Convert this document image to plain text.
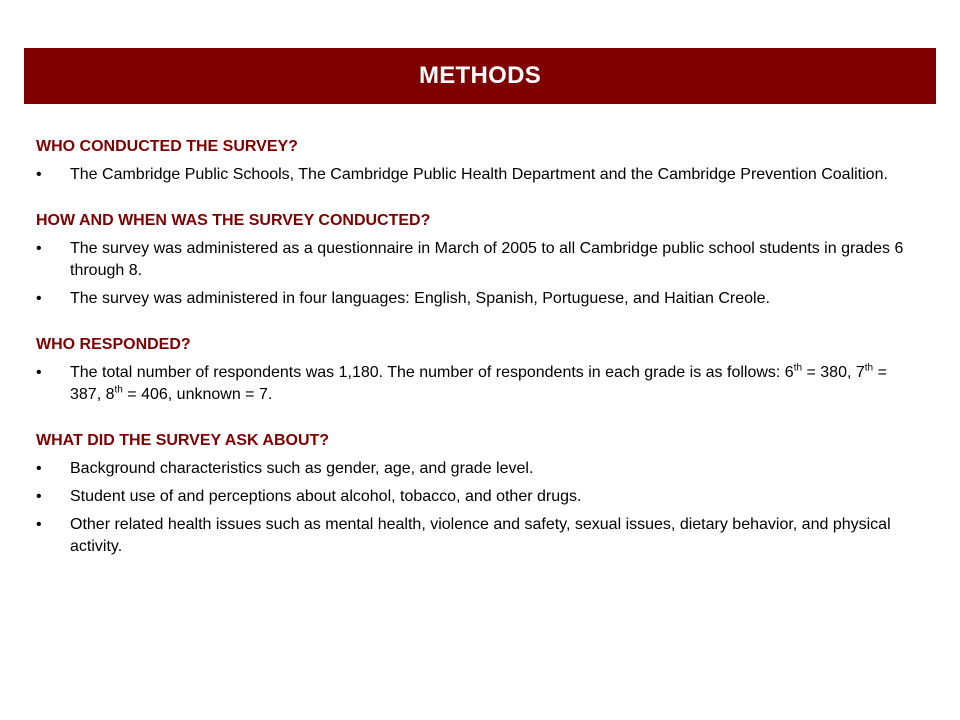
METHODS
WHO CONDUCTED THE SURVEY?
•	The Cambridge Public Schools, The Cambridge Public Health Department and the Cambridge Prevention Coalition.
HOW AND WHEN WAS THE SURVEY CONDUCTED?
•	The survey was administered as a questionnaire in March of 2005 to all Cambridge public school students in grades 6 through 8.
•	The survey was administered in four languages: English, Spanish, Portuguese, and Haitian Creole.
WHO RESPONDED?
•	The total number of respondents was 1,180. The number of respondents in each grade is as follows: 6th = 380, 7th = 387, 8th = 406, unknown = 7.
WHAT DID THE SURVEY ASK ABOUT?
•	Background characteristics such as gender, age, and grade level.
•	Student use of and perceptions about alcohol, tobacco, and other drugs.
•	Other related health issues such as mental health, violence and safety, sexual issues, dietary behavior, and physical activity.
